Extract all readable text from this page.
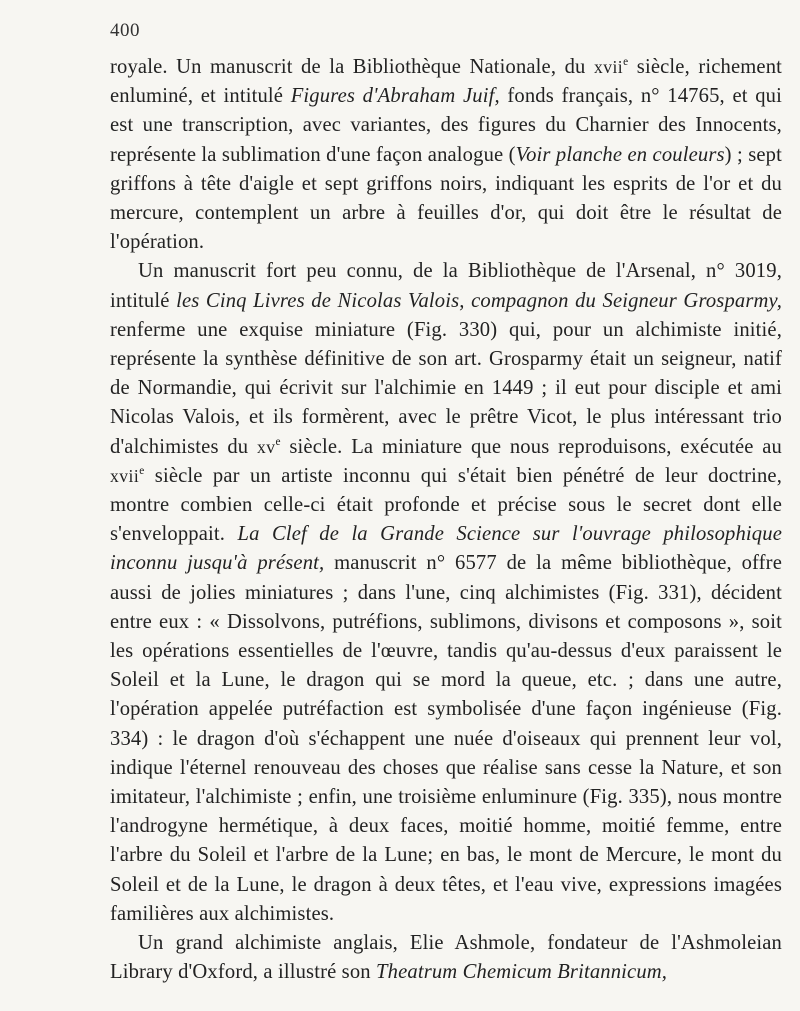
400

royale. Un manuscrit de la Bibliothèque Nationale, du xvii$^e$ siècle, richement enluminé, et intitulé Figures d'Abraham Juif, fonds français, n° 14765, et qui est une transcription, avec variantes, des figures du Charnier des Innocents, représente la sublimation d'une façon analogue (Voir planche en couleurs) ; sept griffons à tête d'aigle et sept griffons noirs, indiquant les esprits de l'or et du mercure, contemplent un arbre à feuilles d'or, qui doit être le résultat de l'opération.

Un manuscrit fort peu connu, de la Bibliothèque de l'Arsenal, n° 3019, intitulé les Cinq Livres de Nicolas Valois, compagnon du Seigneur Grosparmy, renferme une exquise miniature (Fig. 330) qui, pour un alchimiste initié, représente la synthèse définitive de son art. Grosparmy était un seigneur, natif de Normandie, qui écrivit sur l'alchimie en 1449 ; il eut pour disciple et ami Nicolas Valois, et ils formèrent, avec le prêtre Vicot, le plus intéressant trio d'alchimistes du $xv^e$ siècle. La miniature que nous reproduisons, exécutée au xvii$^e$ siècle par un artiste inconnu qui s'était bien pénétré de leur doctrine, montre combien celle-ci était profonde et précise sous le secret dont elle s'enveloppait. La Clef de la Grande Science sur l'ouvrage philosophique inconnu jusqu'à présent, manuscrit n° 6577 de la même bibliothèque, offre aussi de jolies miniatures ; dans l'une, cinq alchimistes (Fig. 331), décident entre eux : « Dissolvons, putréfions, sublimons, divisons et composons », soit les opérations essentielles de l'œuvre, tandis qu'au-dessus d'eux paraissent le Soleil et la Lune, le dragon qui se mord la queue, etc. ; dans une autre, l'opération appelée putréfaction est symbolisée d'une façon ingénieuse (Fig. 334) : le dragon d'où s'échappent une nuée d'oiseaux qui prennent leur vol, indique l'éternel renouveau des choses que réalise sans cesse la Nature, et son imitateur, l'alchimiste ; enfin, une troisième enluminure (Fig. 335), nous montre l'androgyne hermétique, à deux faces, moitié homme, moitié femme, entre l'arbre du Soleil et l'arbre de la Lune; en bas, le mont de Mercure, le mont du Soleil et de la Lune, le dragon à deux têtes, et l'eau vive, expressions imagées familières aux alchimistes.

Un grand alchimiste anglais, Elie Ashmole, fondateur de l'Ashmoleian Library d'Oxford, a illustré son Theatrum Chemicum Britannicum,
